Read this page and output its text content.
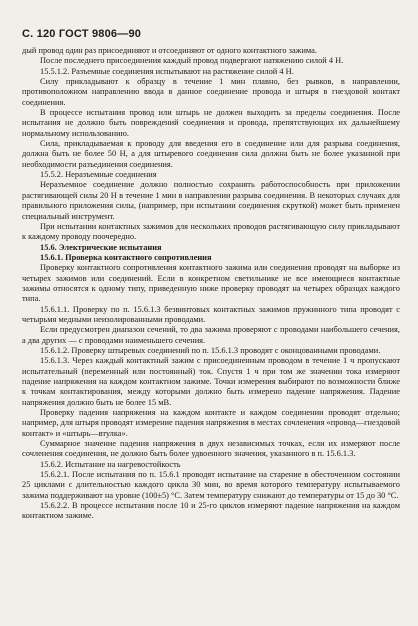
С. 120 ГОСТ 9806—90

дый провод один раз присоединяют и отсоединяют от одного контактного зажима.

После последнего присоединения каждый провод подвергают натяжению силой 4 Н.

15.5.1.2. Разъемные соединения испытывают на растяжение силой 4 Н.

Силу прикладывают к образцу в течение 1 мин плавно, без рывков, в направлении, противоположном направлению ввода в данное соединение провода и штыря в гнездовой контакт соединения.

В процессе испытания провод или штырь не должен выходить за пределы соединения. После испытания не должно быть повреждений соединения и провода, препятствующих их дальнейшему нормальному использованию.

Сила, прикладываемая к проводу для введения его в соединение или для разрыва соединения, должна быть не более 50 Н, а для штыревого соединения сила должна быть не более указанной при необходимости разъединения соединения.

15.5.2. Неразъемные соединения

Неразъемное соединение должно полностью сохранять работоспособность при приложении растягивающей силы 20 Н в течение 1 мин в направлении разрыва соединения. В некоторых случаях для правильного приложения силы, (например, при испытании соединения скруткой) может быть применен специальный инструмент.

При испытании контактных зажимов для нескольких проводов растягивающую силу прикладывают к каждому проводу поочередно.

15.6. Электрические испытания

15.6.1. Проверка контактного сопротивления

Проверку контактного сопротивления контактного зажима или соединения проводят на выборке из четырех зажимов или соединений. Если в конкретном светильнике не все имеющиеся контактные зажимы относятся к одному типу, приведенную ниже проверку проводят на четырех образцах каждого типа.

15.6.1.1. Проверку по п. 15.6.1.3 безвинтовых контактных зажимов пружинного типа проводят с четырьмя медными неизолированными проводами.

Если предусмотрен диапазон сечений, то два зажима проверяют с проводами наибольшего сечения, а два других — с проводами наименьшего сечения.

15.6.1.2. Проверку штыревых соединений по п. 15.6.1.3 проводят с оконцованными проводами.

15.6.1.3. Через каждый контактный зажим с присоединенным проводом в течение 1 ч пропускают испытательный (переменный или постоянный) ток. Спустя 1 ч при том же значении тока измеряют падение напряжения на каждом контактном зажиме. Точки измерения выбирают по возможности ближе к точкам контактирования, между которыми должно быть измерено падение напряжения. Падение напряжения должно быть не более 15 мВ.

Проверку падения напряжения на каждом контакте и каждом соединении проводят отдельно; например, для штыря проводят измерение падения напряжения в местах сочленения «провод—гнездовой контакт» и «штырь—втулка».

Суммарное значение падения напряжения в двух независимых точках, если их измеряют после сочленения соединения, не должно быть более удвоенного значения, указанного в п. 15.6.1.3.

15.6.2. Испытание на нагревостойкость

15.6.2.1. После испытания по п. 15.6.1 проводят испытание на старение в обесточенном состоянии 25 циклами с длительностью каждого цикла 30 мин, во время которого температуру испытываемого зажима поддерживают на уровне (100±5) °С. Затем температуру снижают до температуры от 15 до 30 °С.

15.6.2.2. В процессе испытания после 10 и 25-го циклов измеряют падение напряжения на каждом контактном зажиме.
